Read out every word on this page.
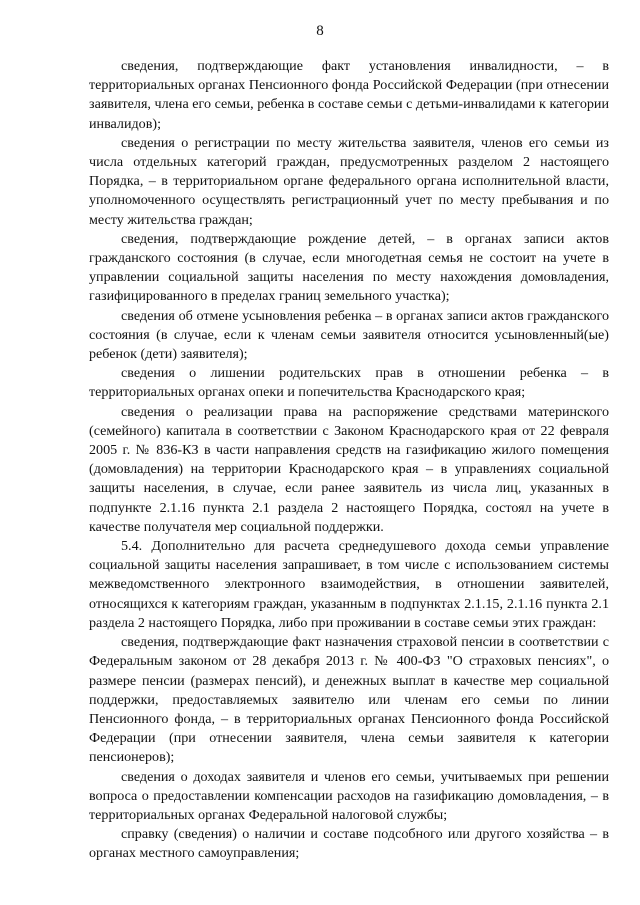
8

сведения, подтверждающие факт установления инвалидности, – в территориальных органах Пенсионного фонда Российской Федерации (при отнесении заявителя, члена его семьи, ребенка в составе семьи с детьми-инвалидами к категории инвалидов);

сведения о регистрации по месту жительства заявителя, членов его семьи из числа отдельных категорий граждан, предусмотренных разделом 2 настоящего Порядка, – в территориальном органе федерального органа исполнительной власти, уполномоченного осуществлять регистрационный учет по месту пребывания и по месту жительства граждан;

сведения, подтверждающие рождение детей, – в органах записи актов гражданского состояния (в случае, если многодетная семья не состоит на учете в управлении социальной защиты населения по месту нахождения домовладения, газифицированного в пределах границ земельного участка);

сведения об отмене усыновления ребенка – в органах записи актов гражданского состояния (в случае, если к членам семьи заявителя относится усыновленный(ые) ребенок (дети) заявителя);

сведения о лишении родительских прав в отношении ребенка – в территориальных органах опеки и попечительства Краснодарского края;

сведения о реализации права на распоряжение средствами материнского (семейного) капитала в соответствии с Законом Краснодарского края от 22 февраля 2005 г. № 836-КЗ в части направления средств на газификацию жилого помещения (домовладения) на территории Краснодарского края – в управлениях социальной защиты населения, в случае, если ранее заявитель из числа лиц, указанных в подпункте 2.1.16 пункта 2.1 раздела 2 настоящего Порядка, состоял на учете в качестве получателя мер социальной поддержки.

5.4. Дополнительно для расчета среднедушевого дохода семьи управление социальной защиты населения запрашивает, в том числе с использованием системы межведомственного электронного взаимодействия, в отношении заявителей, относящихся к категориям граждан, указанным в подпунктах 2.1.15, 2.1.16 пункта 2.1 раздела 2 настоящего Порядка, либо при проживании в составе семьи этих граждан:

сведения, подтверждающие факт назначения страховой пенсии в соответствии с Федеральным законом от 28 декабря 2013 г. № 400-ФЗ "О страховых пенсиях", о размере пенсии (размерах пенсий), и денежных выплат в качестве мер социальной поддержки, предоставляемых заявителю или членам его семьи по линии Пенсионного фонда, – в территориальных органах Пенсионного фонда Российской Федерации (при отнесении заявителя, члена семьи заявителя к категории пенсионеров);

сведения о доходах заявителя и членов его семьи, учитываемых при решении вопроса о предоставлении компенсации расходов на газификацию домовладения, – в территориальных органах Федеральной налоговой службы;

справку (сведения) о наличии и составе подсобного или другого хозяйства – в органах местного самоуправления;
